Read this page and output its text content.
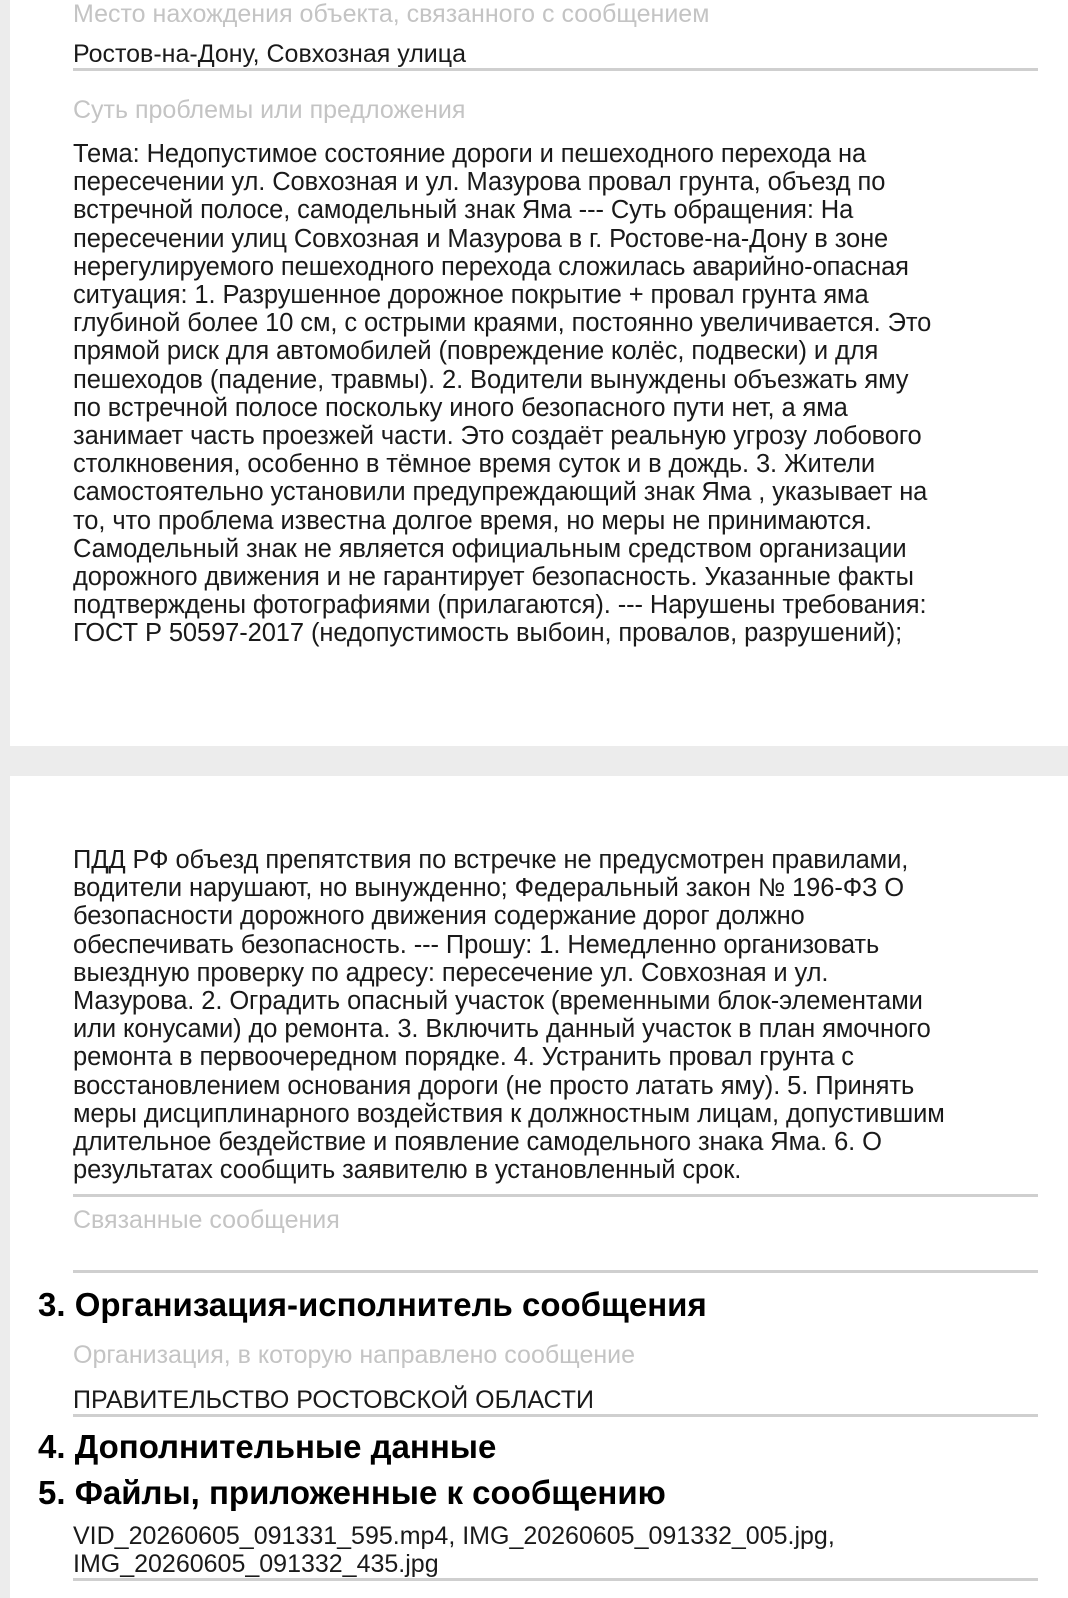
Место нахождения объекта, связанного с сообщением
Ростов-на-Дону, Совхозная улица
Суть проблемы или предложения
Тема: Недопустимое состояние дороги и пешеходного перехода на
пересечении ул. Совхозная и ул. Мазурова провал грунта, объезд по
встречной полосе, самодельный знак Яма --- Суть обращения: На
пересечении улиц Совхозная и Мазурова в г. Ростове-на-Дону в зоне
нерегулируемого пешеходного перехода сложилась аварийно-опасная
ситуация: 1. Разрушенное дорожное покрытие + провал грунта яма
глубиной более 10 см, с острыми краями, постоянно увеличивается. Это
прямой риск для автомобилей (повреждение колёс, подвески) и для
пешеходов (падение, травмы). 2. Водители вынуждены объезжать яму
по встречной полосе поскольку иного безопасного пути нет, а яма
занимает часть проезжей части. Это создаёт реальную угрозу лобового
столкновения, особенно в тёмное время суток и в дождь. 3. Жители
самостоятельно установили предупреждающий знак Яма , указывает на
то, что проблема известна долгое время, но меры не принимаются.
Самодельный знак не является официальным средством организации
дорожного движения и не гарантирует безопасность. Указанные факты
подтверждены фотографиями (прилагаются). --- Нарушены требования:
ГОСТ Р 50597-2017 (недопустимость выбоин, провалов, разрушений);
ПДД РФ объезд препятствия по встречке не предусмотрен правилами,
водители нарушают, но вынужденно; Федеральный закон № 196-ФЗ О
безопасности дорожного движения содержание дорог должно
обеспечивать безопасность. --- Прошу: 1. Немедленно организовать
выездную проверку по адресу: пересечение ул. Совхозная и ул.
Мазурова. 2. Оградить опасный участок (временными блок-элементами
или конусами) до ремонта. 3. Включить данный участок в план ямочного
ремонта в первоочередном порядке. 4. Устранить провал грунта с
восстановлением основания дороги (не просто латать яму). 5. Принять
меры дисциплинарного воздействия к должностным лицам, допустившим
длительное бездействие и появление самодельного знака Яма. 6. О
результатах сообщить заявителю в установленный срок.
Связанные сообщения
3. Организация-исполнитель сообщения
Организация, в которую направлено сообщение
ПРАВИТЕЛЬСТВО РОСТОВСКОЙ ОБЛАСТИ
4. Дополнительные данные
5. Файлы, приложенные к сообщению
VID_20260605_091331_595.mp4, IMG_20260605_091332_005.jpg,
IMG_20260605_091332_435.jpg
